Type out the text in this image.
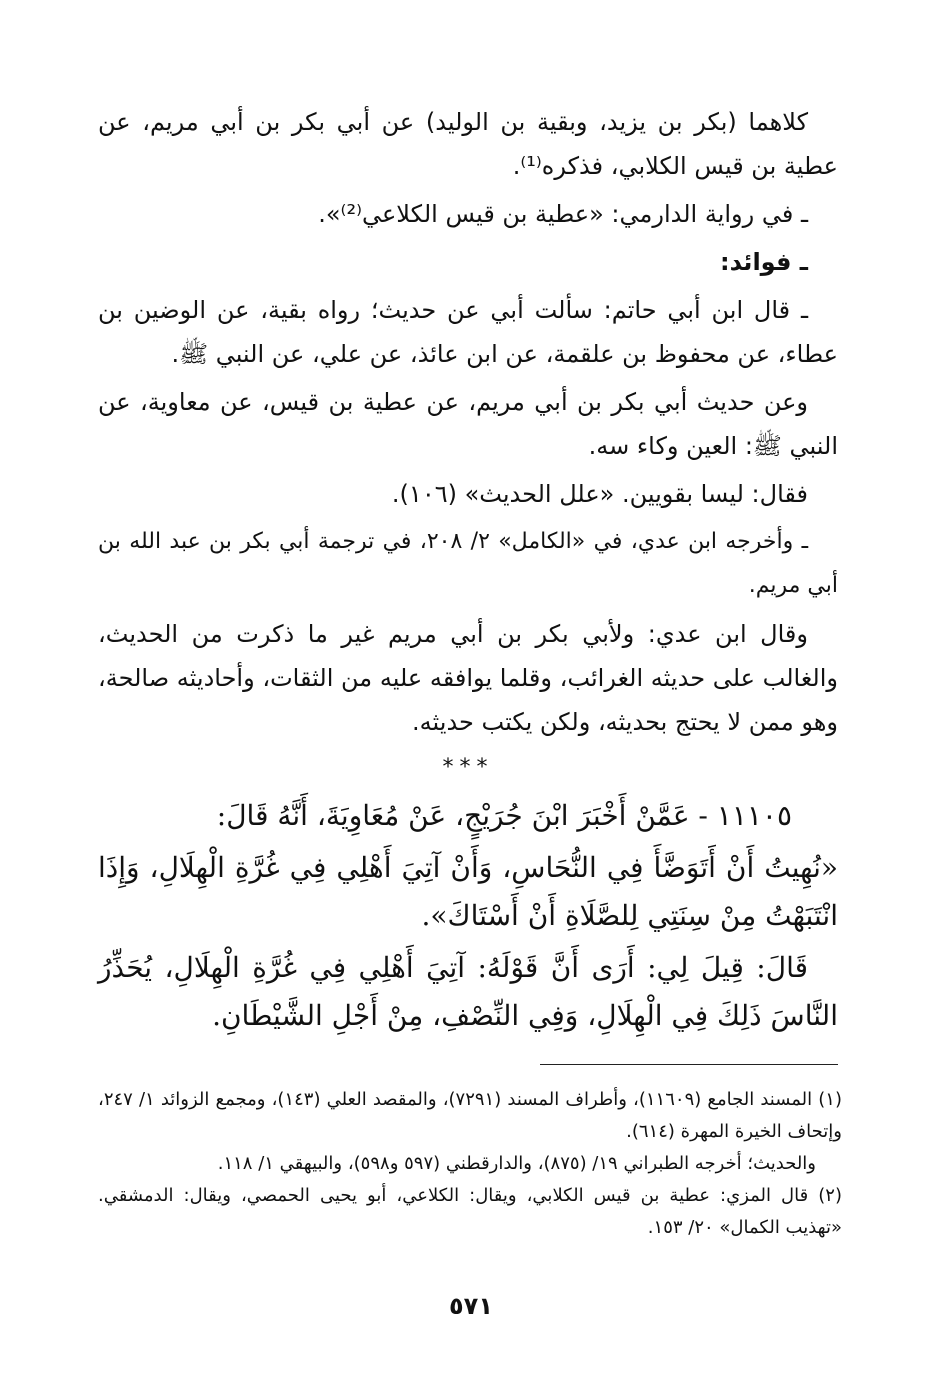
كلاهما (بكر بن يزيد، وبقية بن الوليد) عن أبي بكر بن أبي مريم، عن عطية بن قيس الكلابي، فذكره⁽¹⁾.

ـ في رواية الدارمي: «عطية بن قيس الكلاعي⁽²⁾».

ـ فوائد:

ـ قال ابن أبي حاتم: سألت أبي عن حديث؛ رواه بقية، عن الوضين بن عطاء، عن محفوظ بن علقمة، عن ابن عائذ، عن علي، عن النبي ﷺ.

وعن حديث أبي بكر بن أبي مريم، عن عطية بن قيس، عن معاوية، عن النبي ﷺ: العين وكاء سه.

فقال: ليسا بقويين. «علل الحديث» (١٠٦).

ـ وأخرجه ابن عدي، في «الكامل» ٢/ ٢٠٨، في ترجمة أبي بكر بن عبد الله بن أبي مريم.

وقال ابن عدي: ولأبي بكر بن أبي مريم غير ما ذكرت من الحديث، والغالب على حديثه الغرائب، وقلما يوافقه عليه من الثقات، وأحاديثه صالحة، وهو ممن لا يحتج بحديثه، ولكن يكتب حديثه.

***

١١١٠٥ - عَمَّنْ أَخْبَرَ ابْنَ جُرَيْجٍ، عَنْ مُعَاوِيَةَ، أَنَّهُ قَالَ:

«نُهِيتُ أَنْ أَتَوَضَّأَ فِي النُّحَاسِ، وَأَنْ آتِيَ أَهْلِي فِي غُرَّةِ الْهِلَالِ، وَإِذَا انْتَبَهْتُ مِنْ سِنَتِي لِلصَّلَاةِ أَنْ أَسْتَاكَ».

قَالَ: قِيلَ لِي: أَرَى أَنَّ قَوْلَهُ: آتِيَ أَهْلِي فِي غُرَّةِ الْهِلَالِ، يُحَذِّرُ النَّاسَ ذَلِكَ فِي الْهِلَالِ، وَفِي النِّصْفِ، مِنْ أَجْلِ الشَّيْطَانِ.

(١) المسند الجامع (١١٦٠٩)، وأطراف المسند (٧٢٩١)، والمقصد العلي (١٤٣)، ومجمع الزوائد ١/ ٢٤٧، وإتحاف الخيرة المهرة (٦١٤).

والحديث؛ أخرجه الطبراني ١٩/ (٨٧٥)، والدارقطني (٥٩٧ و٥٩٨)، والبيهقي ١/ ١١٨.

(٢) قال المزي: عطية بن قيس الكلابي، ويقال: الكلاعي، أبو يحيى الحمصي، ويقال: الدمشقي. «تهذيب الكمال» ٢٠/ ١٥٣.

٥٧١
